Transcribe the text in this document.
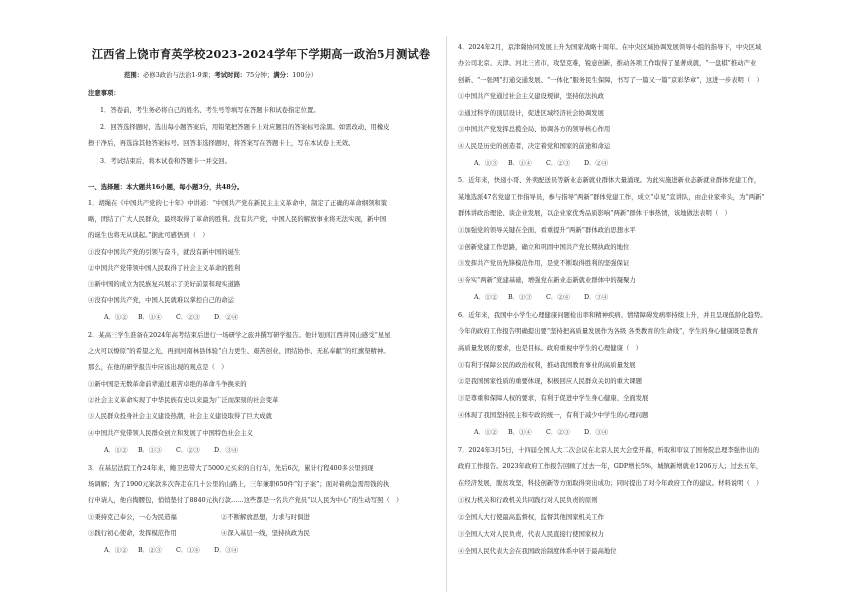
江西省上饶市育英学校2023-2024学年下学期高一政治5月测试卷
范围：必修3政治与法治1-9课；考试时间：75分钟；满分：100分）
注意事项：
1．答卷前，考生务必将自己的姓名、考生号等填写在答题卡和试卷指定位置。
2．回答选择题时，选出每小题答案后，用铅笔把答题卡上对应题目的答案标号涂黑。如需改动，用橡皮
擦干净后，再选涂其他答案标号。回答非选择题时，将答案写在答题卡上，写在本试卷上无效。
3．考试结束后，将本试卷和答题卡一并交回。
一、选择题：本大题共16小题，每小题3分，共48分。
1．胡绳在《中国共产党的七十年》中讲道：“中国共产党在新民主主义革命中，制定了正确的革命纲领和策
略，团结了广大人民群众，最终取得了革命的胜利。没有共产党，中国人民的解放事业将无法实现，新中国
的诞生也将无从谈起。”据此可感悟到（　）
①没有中国共产党的引领与奋斗，就没有新中国的诞生
②中国共产党带领中国人民取得了社会主义革命的胜利
③新中国的成立为民族复兴展示了美好前景和现实道路
④没有中国共产党，中国人民就难以掌控自己的命运
A．①② B．①④ C．②③ D．②④
2．某高三学生准备在2024年高考结束后进行一场研学之旅并撰写研学报告。他计划到江西井冈山感受“星星
之火可以燎原”的希望之光，再到河南林县体验“自力更生、艰苦创业、团结协作、无私奉献”的红旗渠精神。
那么，在他的研学报告中应该出现的观点是（　）
①新中国是无数革命前辈通过艰苦卓绝的革命斗争换来的
②社会主义革命实现了中华民族有史以来最为广泛而深刻的社会变革
③人民群众投身社会主义建设热潮，社会主义建设取得了巨大成就
④中国共产党带领人民群众创立和发展了中国特色社会主义
A．①② B．①③ C．②③ D．③④
3．在基层法院工作24年来，鲍卫忠带大了5000元买来的自行车，先后6次，累计行程400多公里到现
场调解；为了1900元案款多次奔走在几十公里的山路上，三年兼职650件“钉子案”；面对着病急需用钱的执
行申请人，他自掏腰包，悄悄垫付了8840元执行款……这些都是一名共产党员“以人民为中心”的生动写照（　）
①秉持克己奉公，一心为民造福	②不断解放思想，力求与时俱进
③践行初心使命，发挥模范作用	④深入基层一线，坚持执政为民
A．①② B．②③ C．①④ D．③④
4．2024年2月，京津冀协同发展上升为国家战略十周年。在中央区域协调发展领导小组的指导下，中央区域
办公司北京、天津、河北三省市，攻坚克难，锐意创新，推动各项工作取得了显著成就，“一盘棋”推动产业
创新、“一张网”打通交通发展、“一体化”服务民生保障，书写了一篇又一篇“京彩华章”，这进一步表明（　）
①中国共产党通过社会主义建设规律，坚持依法执政
②通过科学的顶层设计，促进区域经济社会协调发展
③中国共产党发挥总揽全局、协调各方的领导核心作用
④人民是历史的创造者，决定着党和国家的前途和命运
A．①③ B．①④ C．②③ D．②④
5．近年来，快递小哥、外卖配送员等新业态新就业群体大量涌现。为此实施进新业态新就业群体党建工作，
某地选派47名党建工作指导员，参与指导“两新”群体党建工作，成立“卓见”宣讲队，由企业家牵头，为“两新”
群体讲政治理论、谈企业发展，以企业家优秀品质影响“两新”群体干事热情，该地做法表明（　）
①加强党的领导关键在全面，看重提升“两新”群体政治思想水平
②创新党建工作思路，确立和巩固中国共产党长期执政的地位
③发挥共产党员先锋模范作用，是党不断取得胜利的坚强保证
④夯实“两新”党建基础，增强党在新业态新就业群体中的凝聚力
A．①② B．①③ C．②④ D．③④
6．近年来，我国中小学生心理健康问题检出率和精神疾病、情绪障碍发病率持续上升，并且呈现低龄化趋势。
今年的政府工作报告明确提出要“坚持把高质量发展作为各级 各类教育的生命线”，学生的身心健康既是教育
高质量发展的要求，也是目标。政府重视中学生的心理健康（　）
①有利于保障公民的政治权利，推动我国教育事业的高质量发展
②是我国国家性质的重要体现，积极回应人民群众关切的重大课题
③是尊重和保障人权的要求，有利于促进中学生身心健康、全面发展
④体现了我国坚持民主和专政的统一，有利于减少中学生的心理问题
A．①② B．①④ C．②③ D．③④
7．2024年3月5日，十四届全国人大二次会议在北京人民大会堂开幕，听取和审议了国务院总理李强作出的
政府工作报告。2023年政府工作报告回顾了过去一年，GDP增长5%，城镇新增就业1206万人；过去五年，
在经济发展，脱贫攻坚，科技创新等方面取得突出成功；同时提出了对今年政府工作的建议。材料说明（　）
①权力机关和行政机关共同践行对人民负责的原则
②全国人大行使最高监督权，监督其他国家机关工作
③全国人大对人民负责，代表人民直接行使国家权力
④全国人民代表大会在我国政治制度体系中居于最高地位
